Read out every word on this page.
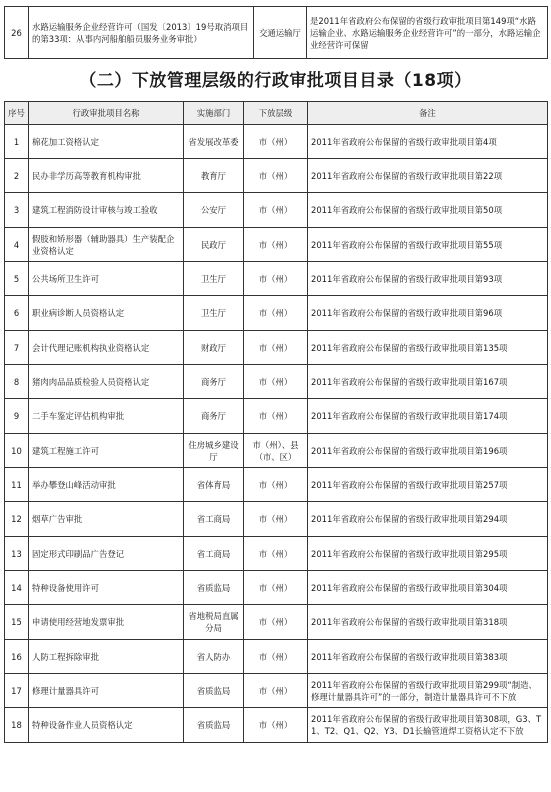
26	水路运输服务企业经营许可（国发〔2013〕19号取消项目的第33项：从事内河船舶船员服务业务审批）	交通运输厅	是2011年省政府公布保留的省级行政审批项目第149项“水路运输企业、水路运输服务企业经营许可”的一部分，水路运输企业经营许可保留
（二）下放管理层级的行政审批项目目录（18项）
序号	行政审批项目名称	实施部门	下放层级	备注
1	棉花加工资格认定	省发展改革委	市（州）	2011年省政府公布保留的省级行政审批项目第4项
2	民办非学历高等教育机构审批	教育厅	市（州）	2011年省政府公布保留的省级行政审批项目第22项
3	建筑工程消防设计审核与竣工验收	公安厅	市（州）	2011年省政府公布保留的省级行政审批项目第50项
4	假肢和矫形器（辅助器具）生产装配企业资格认定	民政厅	市（州）	2011年省政府公布保留的省级行政审批项目第55项
5	公共场所卫生许可	卫生厅	市（州）	2011年省政府公布保留的省级行政审批项目第93项
6	职业病诊断人员资格认定	卫生厅	市（州）	2011年省政府公布保留的省级行政审批项目第96项
7	会计代理记账机构执业资格认定	财政厅	市（州）	2011年省政府公布保留的省级行政审批项目第135项
8	猪肉肉品品质检验人员资格认定	商务厅	市（州）	2011年省政府公布保留的省级行政审批项目第167项
9	二手车鉴定评估机构审批	商务厅	市（州）	2011年省政府公布保留的省级行政审批项目第174项
10	建筑工程施工许可	住房城乡建设厅	市（州）、县（市、区）	2011年省政府公布保留的省级行政审批项目第196项
11	举办攀登山峰活动审批	省体育局	市（州）	2011年省政府公布保留的省级行政审批项目第257项
12	烟草广告审批	省工商局	市（州）	2011年省政府公布保留的省级行政审批项目第294项
13	固定形式印刷品广告登记	省工商局	市（州）	2011年省政府公布保留的省级行政审批项目第295项
14	特种设备使用许可	省质监局	市（州）	2011年省政府公布保留的省级行政审批项目第304项
15	申请使用经营地发票审批	省地税局直属分局	市（州）	2011年省政府公布保留的省级行政审批项目第318项
16	人防工程拆除审批	省人防办	市（州）	2011年省政府公布保留的省级行政审批项目第383项
17	修理计量器具许可	省质监局	市（州）	2011年省政府公布保留的省级行政审批项目第299项“制造、修理计量器具许可”的一部分，制造计量器具许可不下放
18	特种设备作业人员资格认定	省质监局	市（州）	2011年省政府公布保留的省级行政审批项目第308项，G3、T1、T2、Q1、Q2、Y3、D1长输管道焊工资格认定不下放
